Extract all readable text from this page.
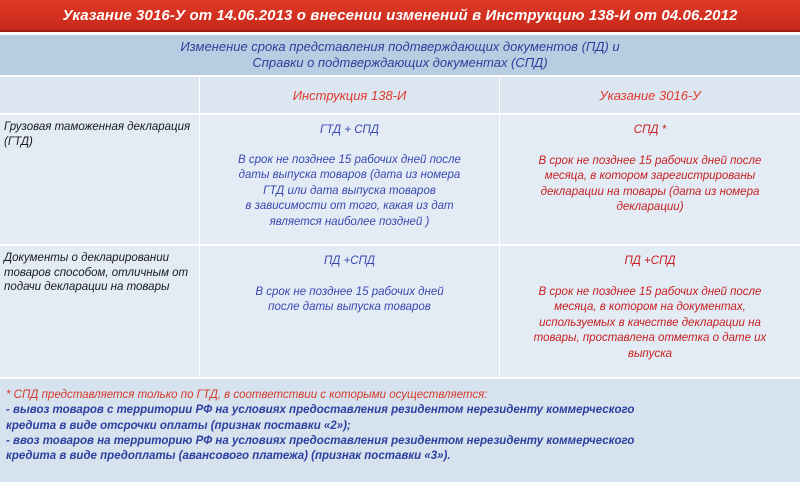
Указание 3016-У от 14.06.2013 о внесении изменений в Инструкцию 138-И от 04.06.2012
Изменение срока представления подтверждающих документов (ПД) и
Справки о подтверждающих документах (СПД)
Инструкция 138-И	Указание 3016-У
Грузовая таможенная декларация (ГТД)
ГТД + СПД
В срок не позднее 15 рабочих дней после
даты выпуска товаров (дата из номера
ГТД или дата выпуска товаров
в зависимости от того, какая из дат
является наиболее поздней )
СПД *
В срок не позднее 15 рабочих дней после
месяца, в котором зарегистрированы
декларации на товары (дата из номера
декларации)
Документы о декларировании товаров способом, отличным от подачи декларации на товары
ПД +СПД
В срок не позднее 15 рабочих дней
после даты выпуска товаров
ПД +СПД
В срок не позднее 15 рабочих дней после
месяца, в котором на документах,
используемых в качестве декларации на
товары, проставлена отметка о дате их
выпуска
* СПД представляется только по ГТД, в соответствии с которыми осуществляется:
- вывоз товаров с территории РФ на условиях предоставления резидентом нерезиденту коммерческого
кредита в виде отсрочки оплаты (признак поставки «2»);
- ввоз товаров на территорию РФ на условиях предоставления резидентом нерезиденту коммерческого
кредита в виде предоплаты (авансового платежа) (признак поставки «3»).
